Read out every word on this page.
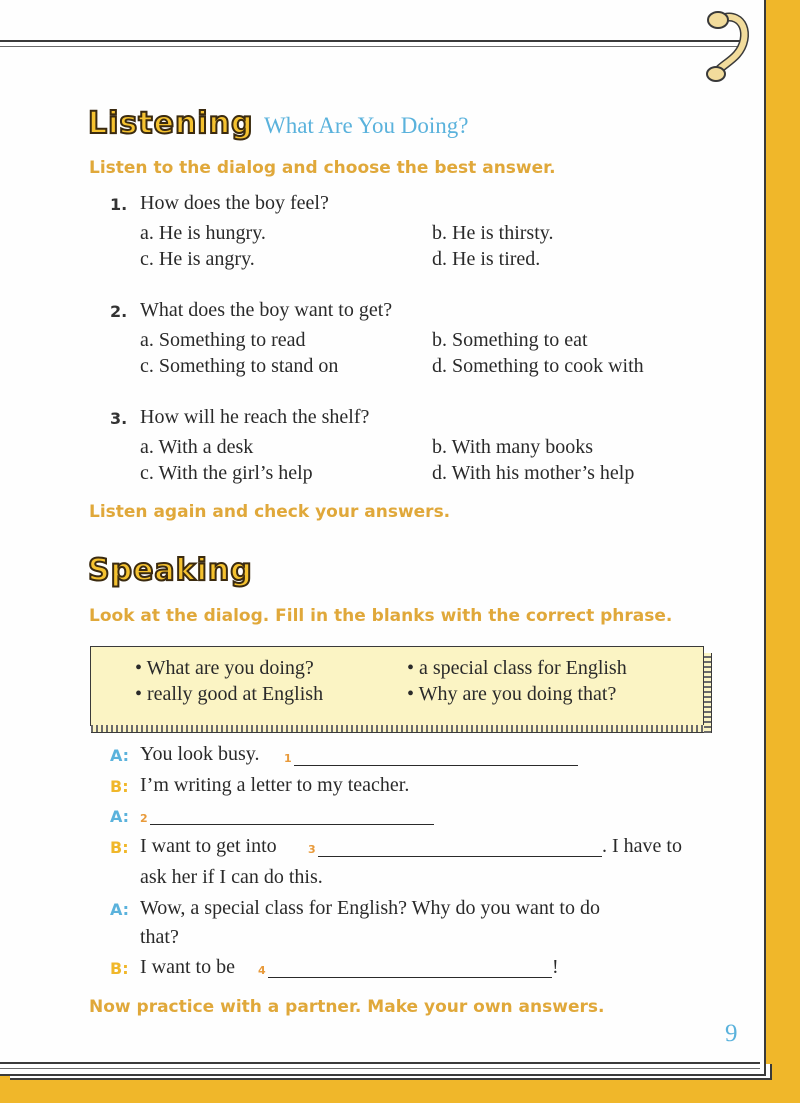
Listening What Are You Doing?
Listen to the dialog and choose the best answer.
1. How does the boy feel?
a. He is hungry.	b. He is thirsty.
c. He is angry.	d. He is tired.
2. What does the boy want to get?
a. Something to read	b. Something to eat
c. Something to stand on	d. Something to cook with
3. How will he reach the shelf?
a. With a desk	b. With many books
c. With the girl’s help	d. With his mother’s help
Listen again and check your answers.
Speaking
Look at the dialog. Fill in the blanks with the correct phrase.
• What are you doing?	• a special class for English
• really good at English	• Why are you doing that?
A: You look busy. 1
B: I’m writing a letter to my teacher.
A: 2
B: I want to get into	3	. I have to
ask her if I can do this.
A: Wow, a special class for English? Why do you want to do
that?
B: I want to be 4	!
Now practice with a partner. Make your own answers.
9
